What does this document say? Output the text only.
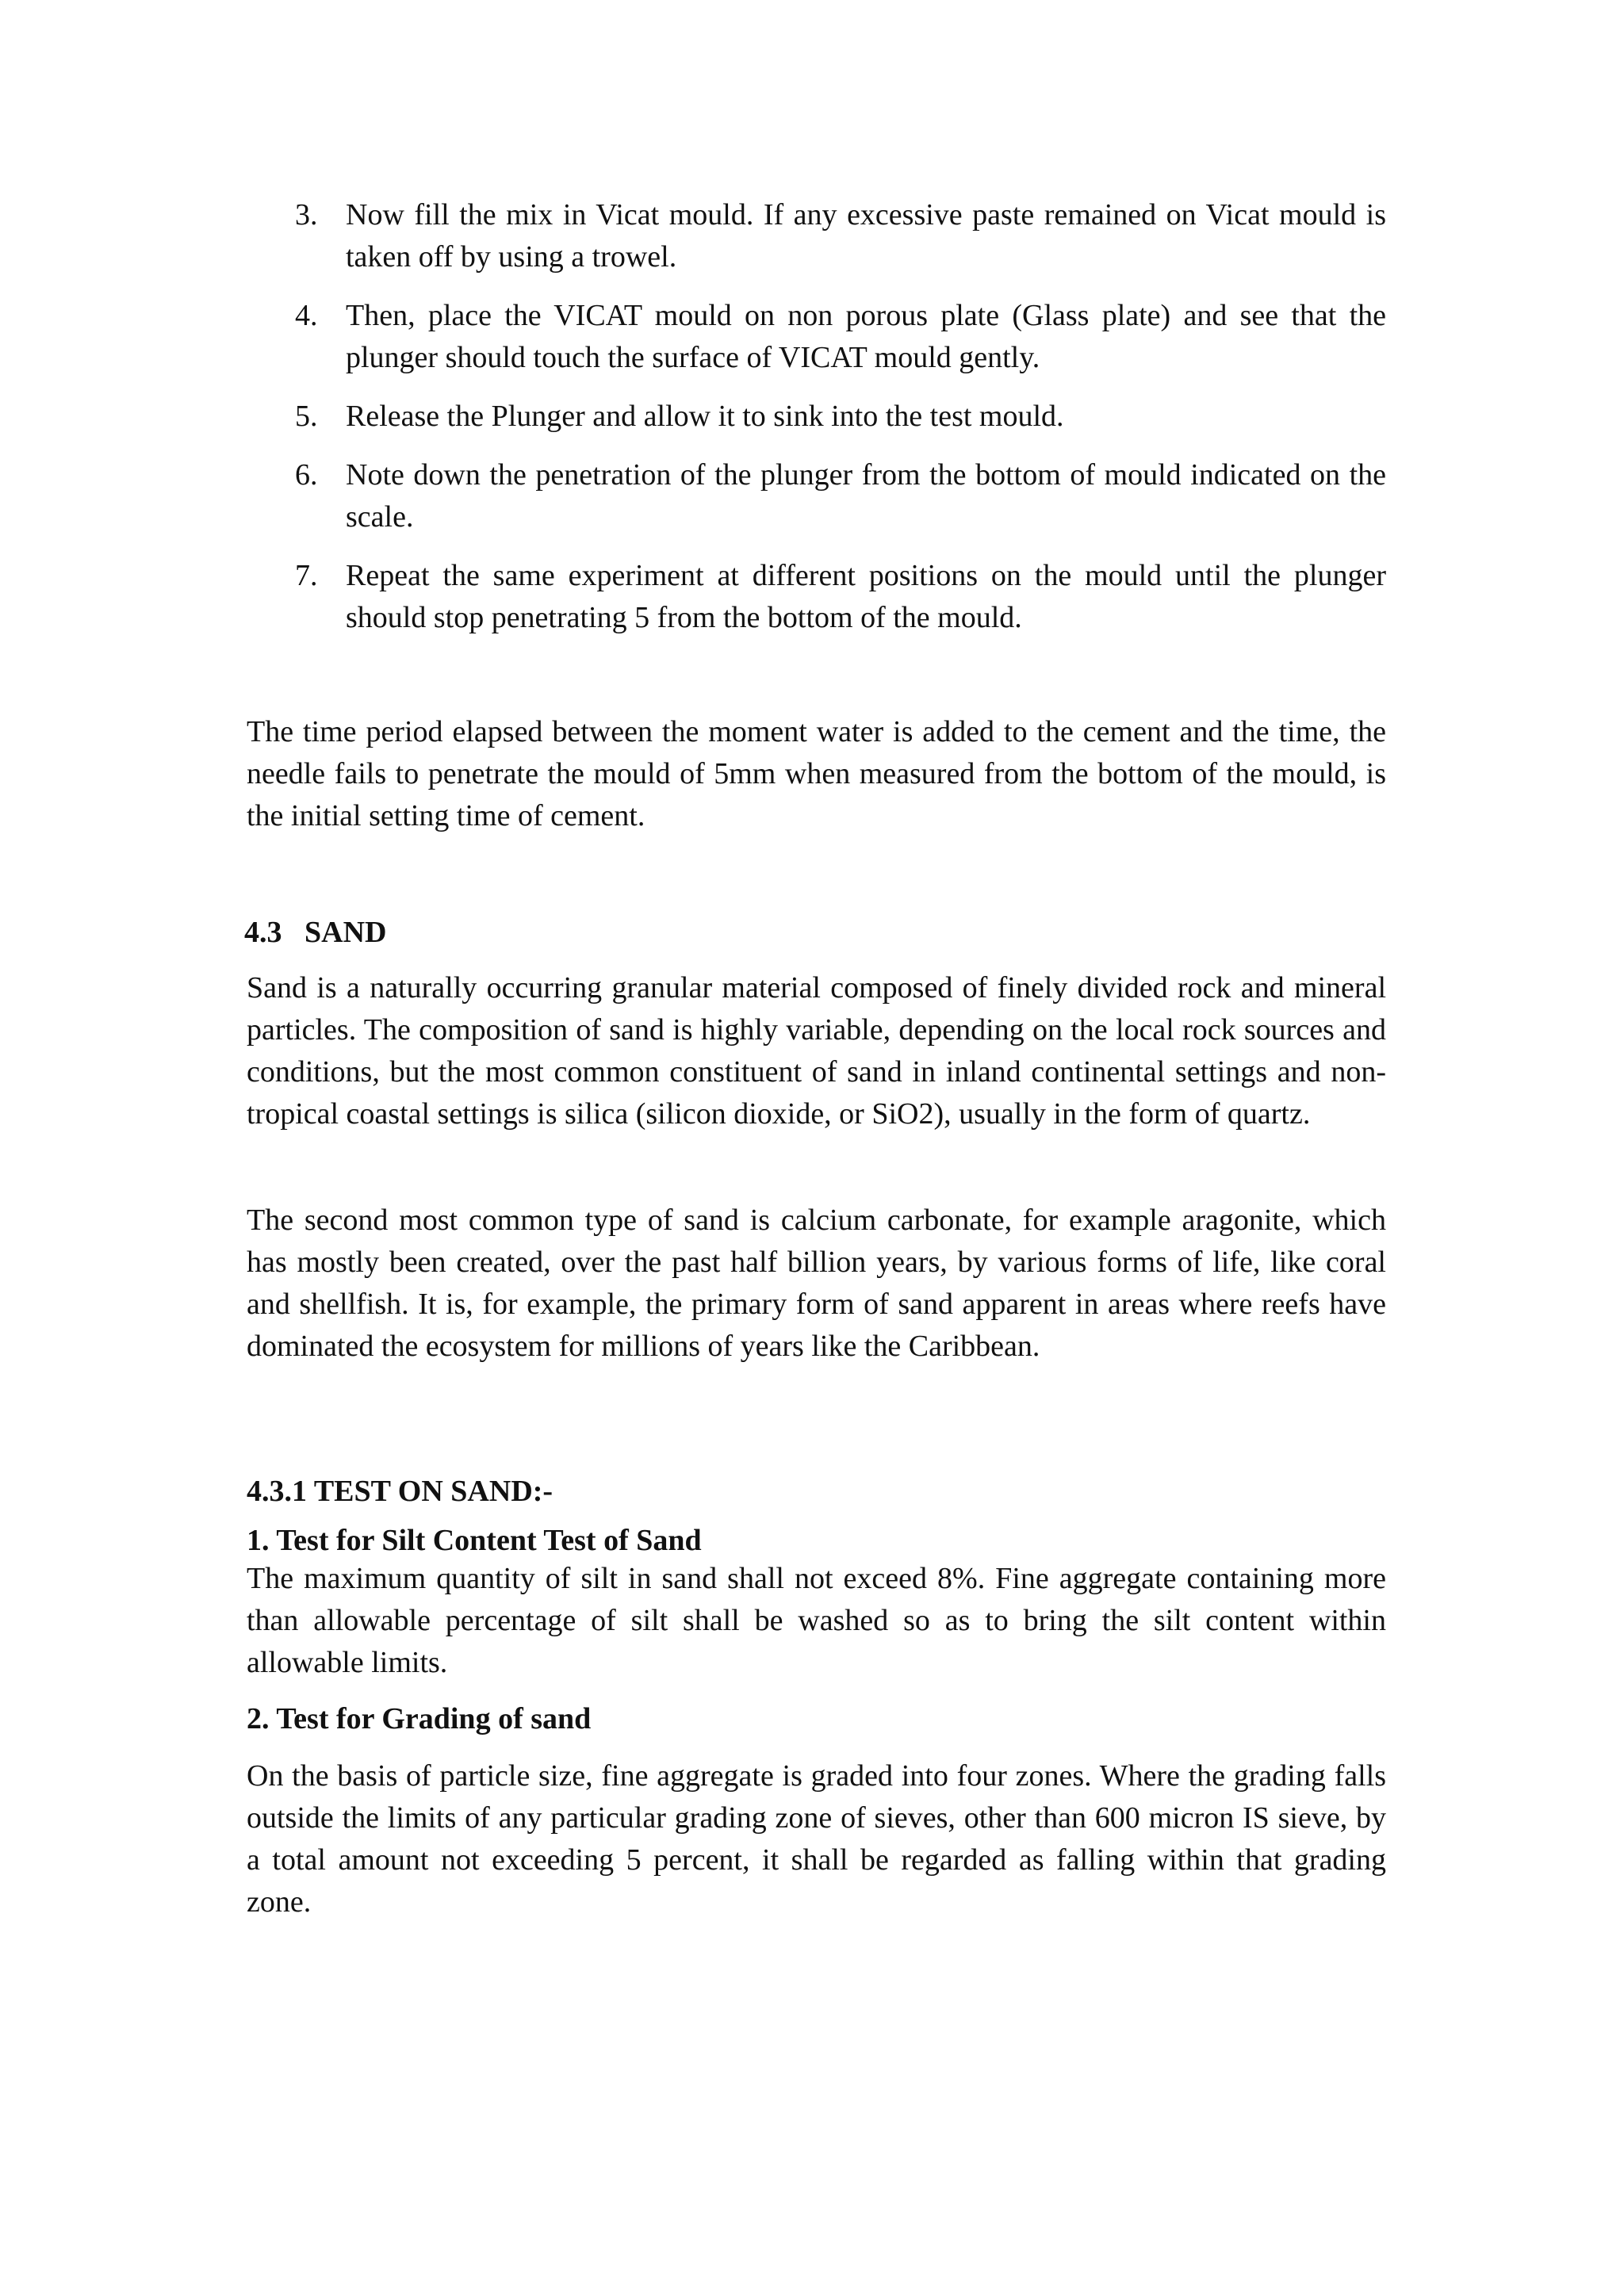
3. Now fill the mix in Vicat mould. If any excessive paste remained on Vicat mould is taken off by using a trowel.
4. Then, place the VICAT mould on non porous plate (Glass plate) and see that the plunger should touch the surface of VICAT mould gently.
5. Release the Plunger and allow it to sink into the test mould.
6. Note down the penetration of the plunger from the bottom of mould indicated on the scale.
7. Repeat the same experiment at different positions on the mould until the plunger should stop penetrating 5 from the bottom of the mould.

The time period elapsed between the moment water is added to the cement and the time, the needle fails to penetrate the mould of 5mm when measured from the bottom of the mould, is the initial setting time of cement.

4.3   SAND

Sand is a naturally occurring granular material composed of finely divided rock and mineral particles. The composition of sand is highly variable, depending on the local rock sources and conditions, but the most common constituent of sand in inland continental settings and non- tropical coastal settings is silica (silicon dioxide, or SiO2), usually in the form of quartz.

The second most common type of sand is calcium carbonate, for example aragonite, which has mostly been created, over the past half billion years, by various forms of life, like coral and shellfish. It is, for example, the primary form of sand apparent in areas where reefs have dominated the ecosystem for millions of years like the Caribbean.

4.3.1 TEST ON SAND:-
1. Test for Silt Content Test of Sand

The maximum quantity of silt in sand shall not exceed 8%. Fine aggregate containing more than allowable percentage of silt shall be washed so as to bring the silt content within allowable limits.

2. Test for Grading of sand

On the basis of particle size, fine aggregate is graded into four zones. Where the grading falls outside the limits of any particular grading zone of sieves, other than 600 micron IS sieve, by a total amount not exceeding 5 percent, it shall be regarded as falling within that grading zone.
